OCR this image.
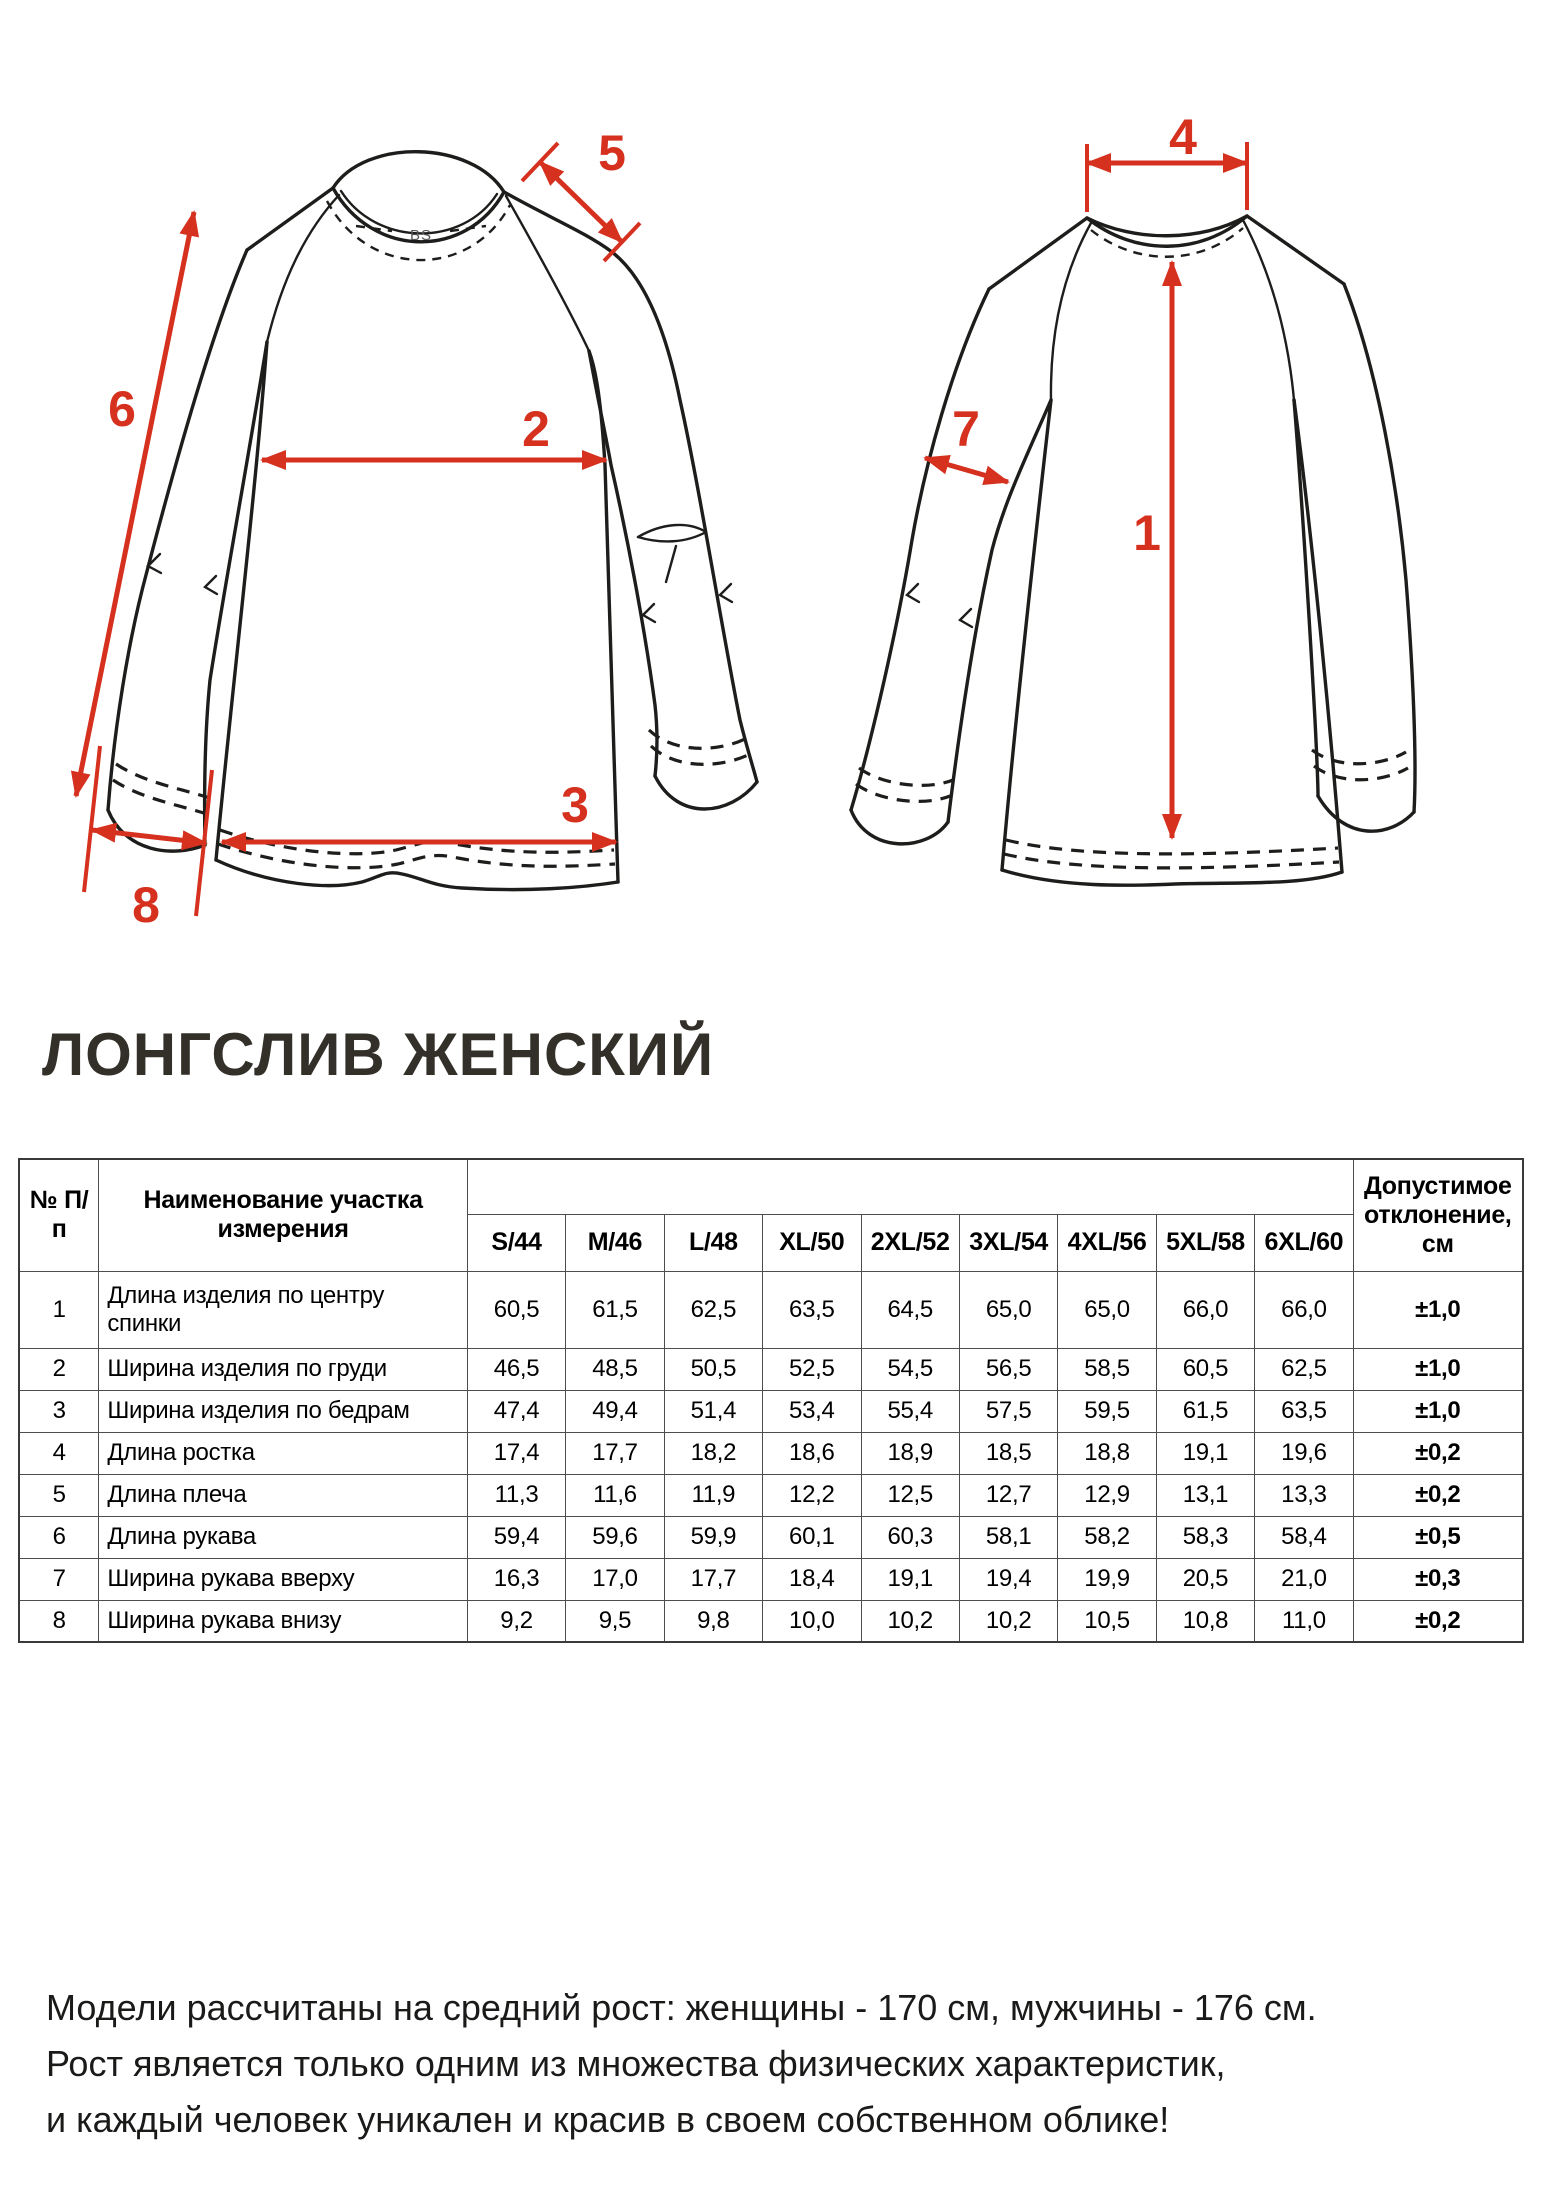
BS
6	2
3
5
8
4
1
7
ЛОНГСЛИВ ЖЕНСКИЙ
№ П/п	Наименование участка измерения										Допустимое отклонение, см
		S/44	M/46	L/48	XL/50	2XL/52	3XL/54	4XL/56	5XL/58	6XL/60	
1	Длина изделия по центру спинки	60,5	61,5	62,5	63,5	64,5	65,0	65,0	66,0	66,0	±1,0
2	Ширина изделия по груди	46,5	48,5	50,5	52,5	54,5	56,5	58,5	60,5	62,5	±1,0
3	Ширина изделия по бедрам	47,4	49,4	51,4	53,4	55,4	57,5	59,5	61,5	63,5	±1,0
4	Длина ростка	17,4	17,7	18,2	18,6	18,9	18,5	18,8	19,1	19,6	±0,2
5	Длина плеча	11,3	11,6	11,9	12,2	12,5	12,7	12,9	13,1	13,3	±0,2
6	Длина рукава	59,4	59,6	59,9	60,1	60,3	58,1	58,2	58,3	58,4	±0,5
7	Ширина рукава вверху	16,3	17,0	17,7	18,4	19,1	19,4	19,9	20,5	21,0	±0,3
8	Ширина рукава внизу	9,2	9,5	9,8	10,0	10,2	10,2	10,5	10,8	11,0	±0,2

Модели рассчитаны на средний рост: женщины - 170 см, мужчины - 176 см.

Рост является только одним из множества физических характеристик,

и каждый человек уникален и красив в своем собственном облике!
